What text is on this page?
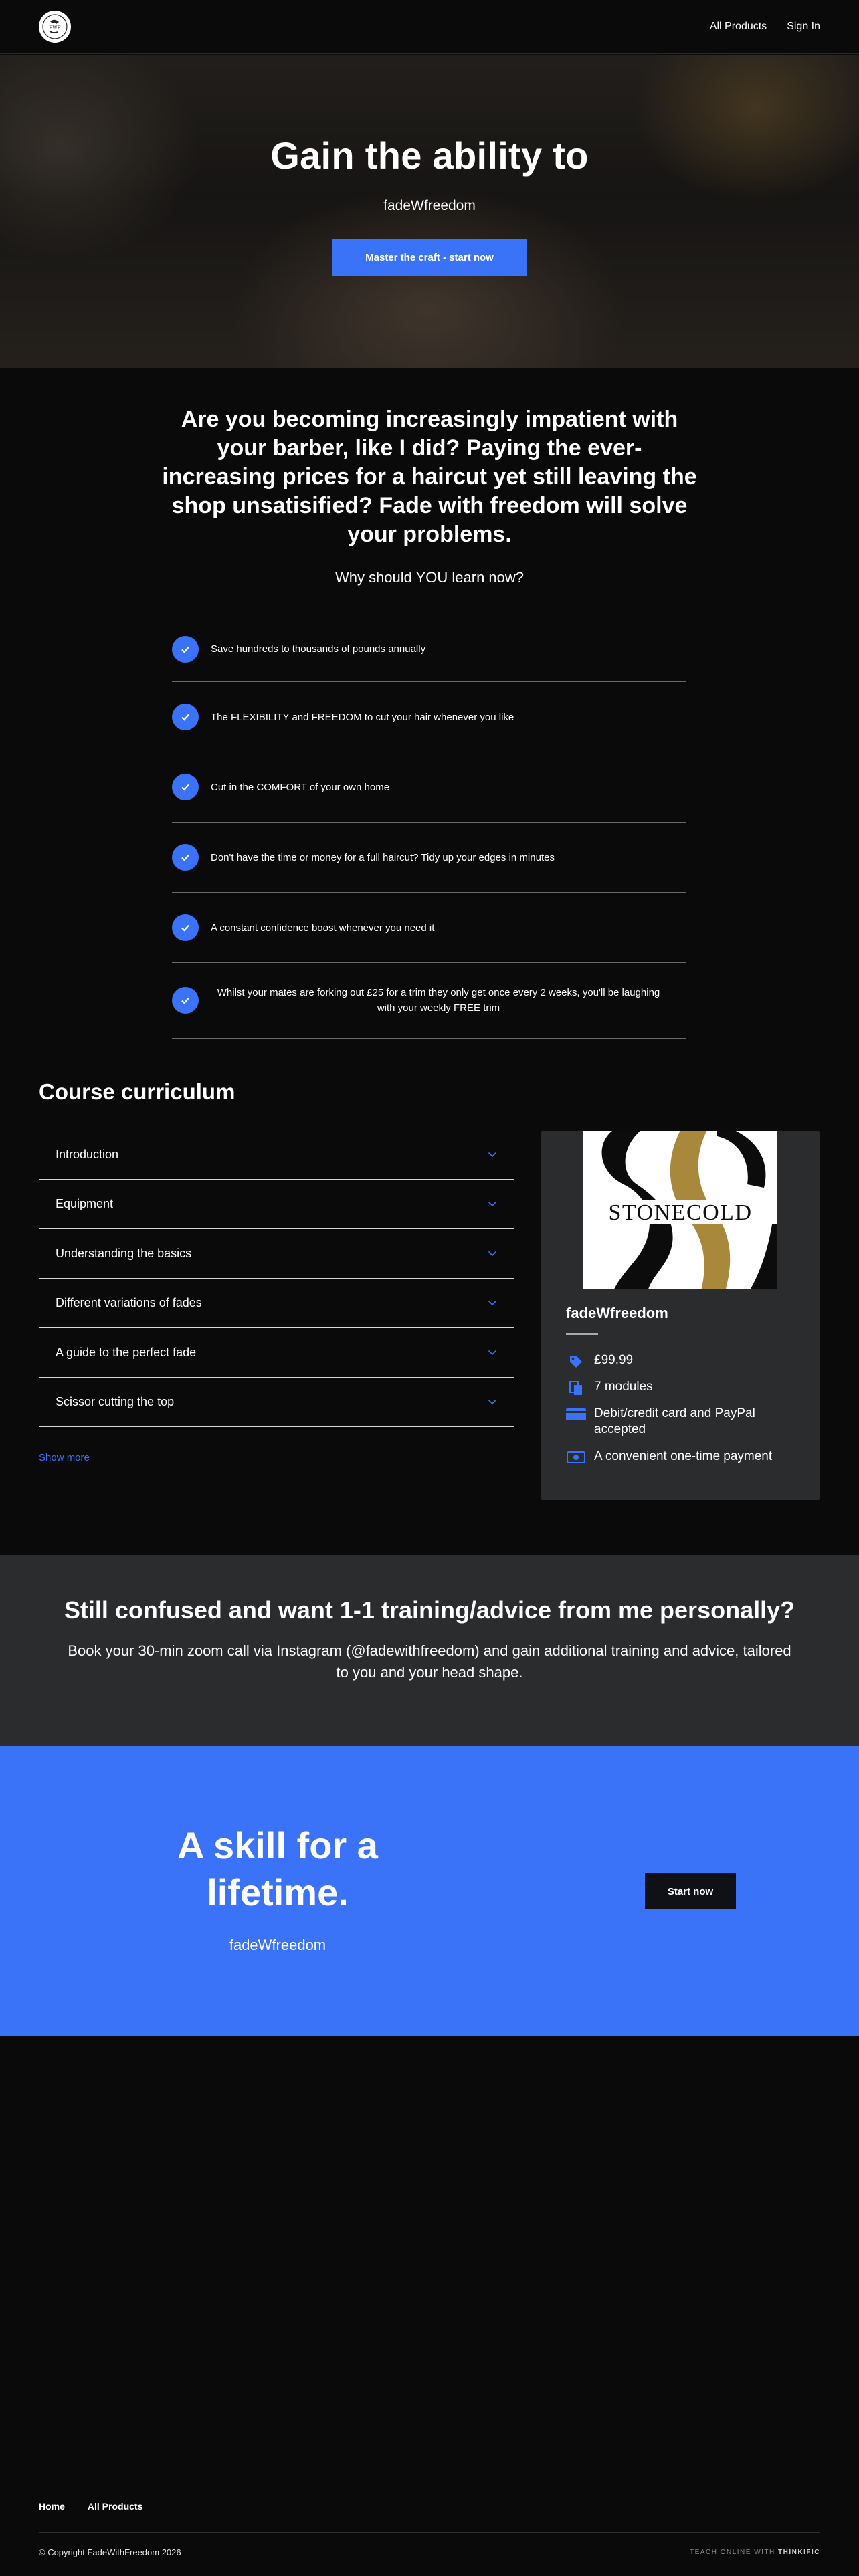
FWF	All Products Sign In
Gain the ability to
fadeWfreedom
Master the craft - start now
Are you becoming increasingly impatient with your barber, like I did? Paying the ever-increasing prices for a haircut yet still leaving the shop unsatisified? Fade with freedom will solve your problems.
Why should YOU learn now?
Save hundreds to thousands of pounds annually
The FLEXIBILITY and FREEDOM to cut your hair whenever you like
Cut in the COMFORT of your own home
Don't have the time or money for a full haircut? Tidy up your edges in minutes
A constant confidence boost whenever you need it
Whilst your mates are forking out £25 for a trim they only get once every 2 weeks, you'll be laughing with your weekly FREE trim
Course curriculum
Introduction
Equipment
Understanding the basics
Different variations of fades
A guide to the perfect fade
Scissor cutting the top
Show more
STONECOLD
fadeWfreedom
£99.99
7 modules
Debit/credit card and PayPal accepted
A convenient one-time payment
Still confused and want 1-1 training/advice from me personally?

Book your 30-min zoom call via Instagram (@fadewithfreedom) and gain additional training and advice, tailored to you and your head shape.

A skill for a lifetime.
fadeWfreedom
Start now
Home All Products
© Copyright FadeWithFreedom 2026	TEACH ONLINE WITH THINKIFIC
